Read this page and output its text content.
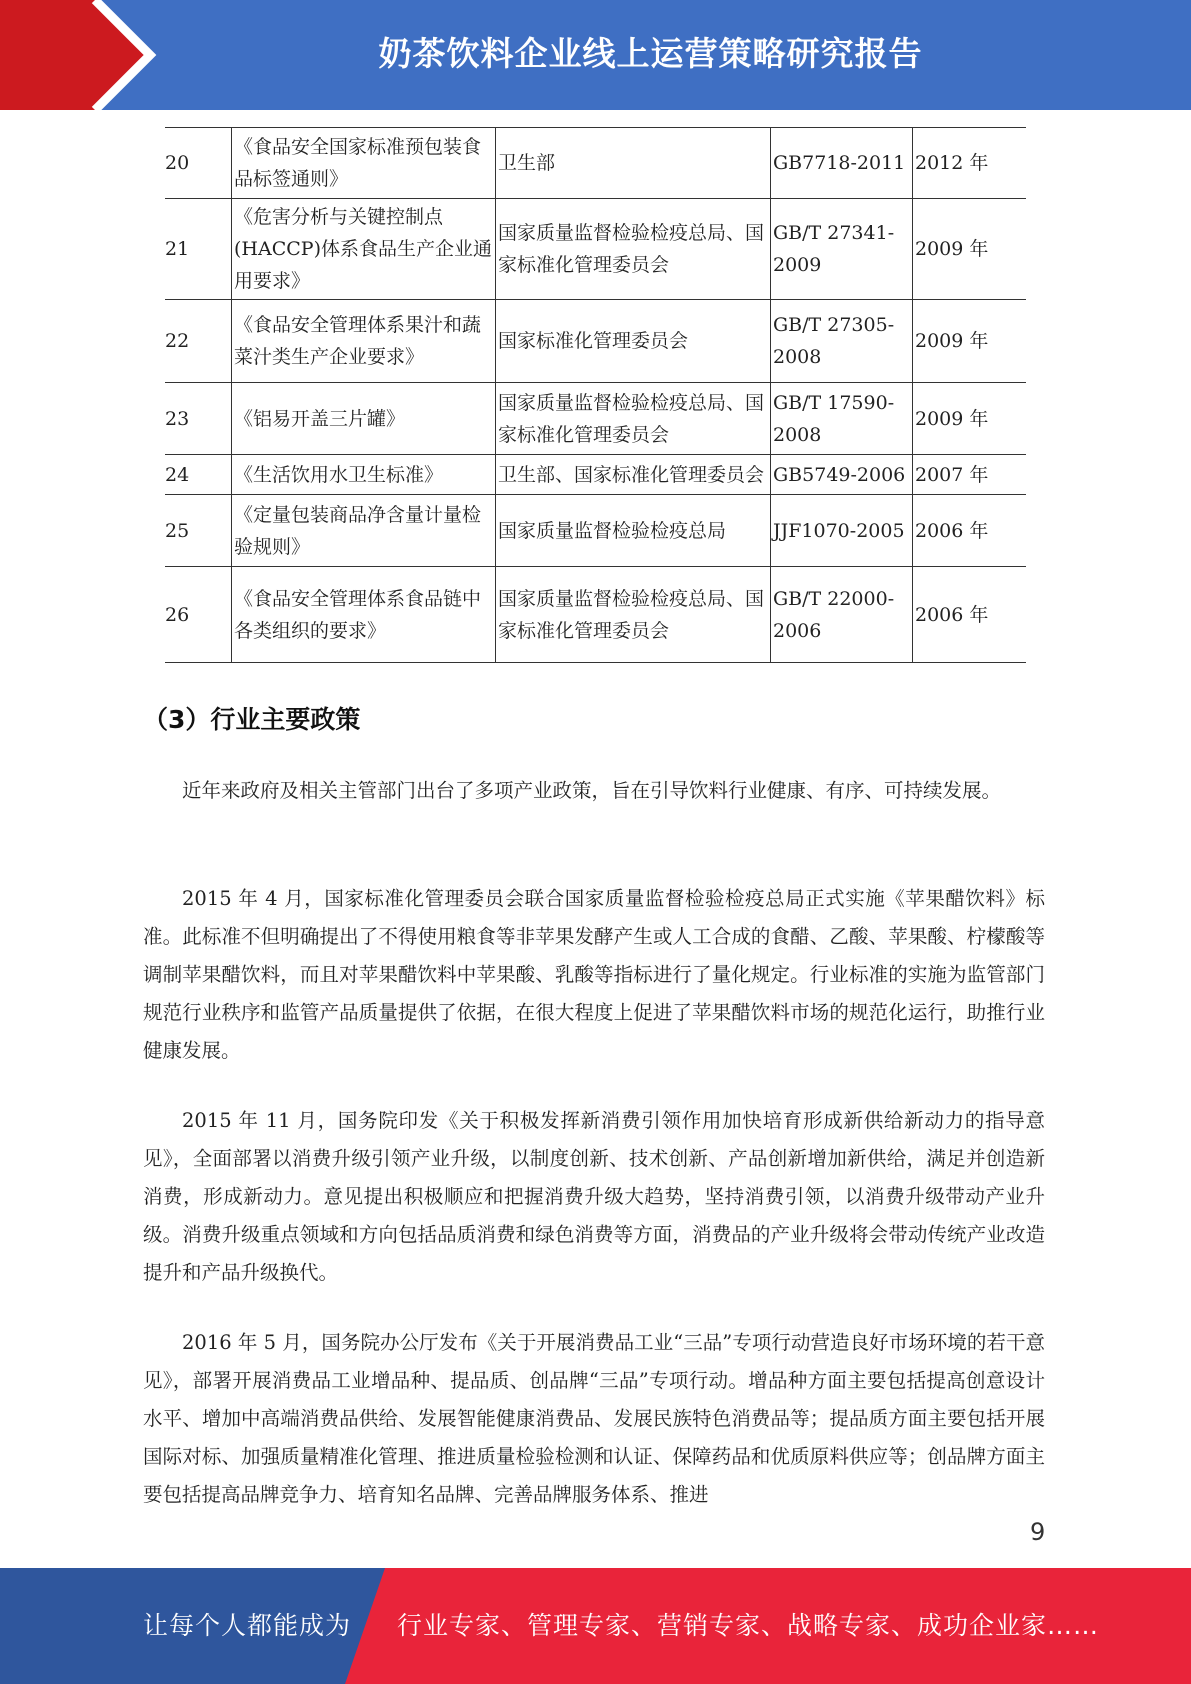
奶茶饮料企业线上运营策略研究报告
20	《食品安全国家标准预包装食品标签通则》	卫生部	GB7718-2011	2012 年
21	《危害分析与关键控制点(HACCP)体系食品生产企业通用要求》	国家质量监督检验检疫总局、国家标准化管理委员会	GB/T 27341-2009	2009 年
22	《食品安全管理体系果汁和蔬菜汁类生产企业要求》	国家标准化管理委员会	GB/T 27305-2008	2009 年
23	《铝易开盖三片罐》	国家质量监督检验检疫总局、国家标准化管理委员会	GB/T 17590-2008	2009 年
24	《生活饮用水卫生标准》	卫生部、国家标准化管理委员会	GB5749-2006	2007 年
25	《定量包装商品净含量计量检验规则》	国家质量监督检验检疫总局	JJF1070-2005	2006 年
26	《食品安全管理体系食品链中各类组织的要求》	国家质量监督检验检疫总局、国家标准化管理委员会	GB/T 22000-2006	2006 年
（3）行业主要政策

近年来政府及相关主管部门出台了多项产业政策，旨在引导饮料行业健康、有序、可持续发展。

2015 年 4 月，国家标准化管理委员会联合国家质量监督检验检疫总局正式实施《苹果醋饮料》标准。此标准不但明确提出了不得使用粮食等非苹果发酵产生或人工合成的食醋、乙酸、苹果酸、柠檬酸等调制苹果醋饮料，而且对苹果醋饮料中苹果酸、乳酸等指标进行了量化规定。行业标准的实施为监管部门规范行业秩序和监管产品质量提供了依据，在很大程度上促进了苹果醋饮料市场的规范化运行，助推行业健康发展。

2015 年 11 月，国务院印发《关于积极发挥新消费引领作用加快培育形成新供给新动力的指导意见》，全面部署以消费升级引领产业升级，以制度创新、技术创新、产品创新增加新供给，满足并创造新消费，形成新动力。意见提出积极顺应和把握消费升级大趋势，坚持消费引领，以消费升级带动产业升级。消费升级重点领域和方向包括品质消费和绿色消费等方面，消费品的产业升级将会带动传统产业改造提升和产品升级换代。

2016 年 5 月，国务院办公厅发布《关于开展消费品工业“三品”专项行动营造良好市场环境的若干意见》，部署开展消费品工业增品种、提品质、创品牌“三品”专项行动。增品种方面主要包括提高创意设计水平、增加中高端消费品供给、发展智能健康消费品、发展民族特色消费品等；提品质方面主要包括开展国际对标、加强质量精准化管理、推进质量检验检测和认证、保障药品和优质原料供应等；创品牌方面主要包括提高品牌竞争力、培育知名品牌、完善品牌服务体系、推进

9
让每个人都能成为 行业专家、管理专家、营销专家、战略专家、成功企业家……
